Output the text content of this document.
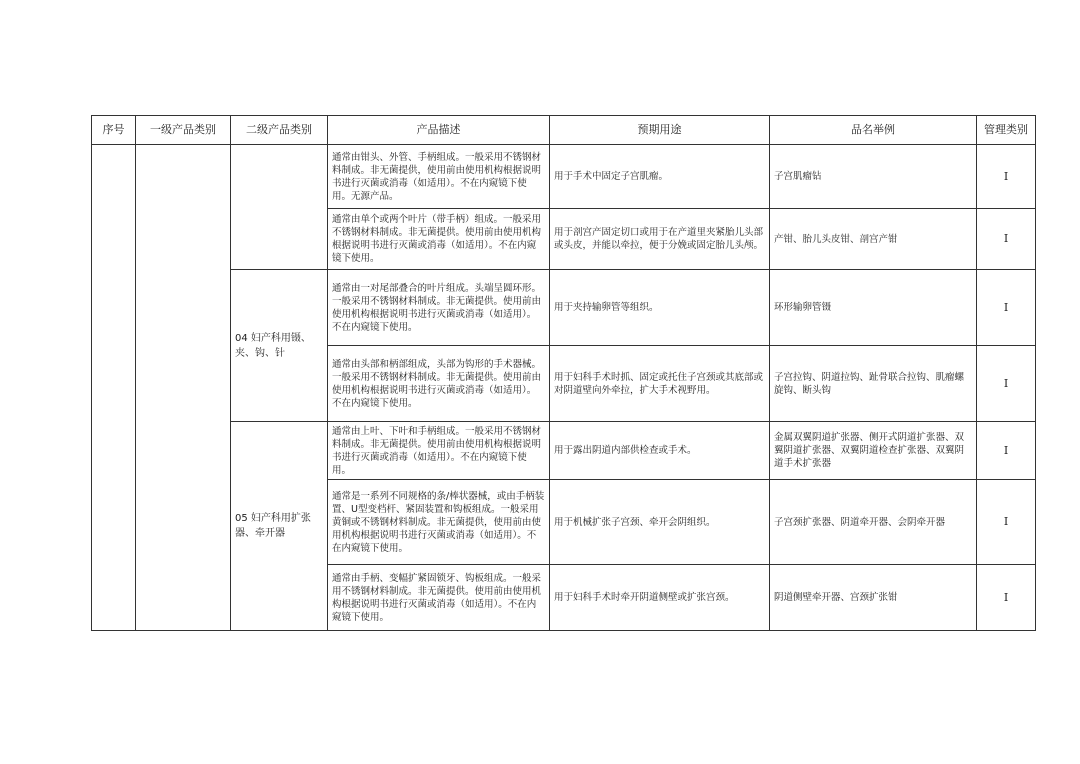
序号	一级产品类别	二级产品类别	产品描述	预期用途	品名举例	管理类别
			通常由钳头、外管、手柄组成。一般采用不锈钢材料制成。非无菌提供，使用前由使用机构根据说明书进行灭菌或消毒（如适用）。不在内窥镜下使用。无源产品。	用于手术中固定子宫肌瘤。	子宫肌瘤钻	I
			通常由单个或两个叶片（带手柄）组成。一般采用不锈钢材料制成。非无菌提供。使用前由使用机构根据说明书进行灭菌或消毒（如适用）。不在内窥镜下使用。	用于剖宫产固定切口或用于在产道里夹紧胎儿头部或头皮，并能以牵拉，便于分娩或固定胎儿头颅。	产钳、胎儿头皮钳、剖宫产钳	I
		04 妇产科用镊、夹、钩、针	通常由一对尾部叠合的叶片组成。头端呈圆环形。一般采用不锈钢材料制成。非无菌提供。使用前由使用机构根据说明书进行灭菌或消毒（如适用）。不在内窥镜下使用。	用于夹持输卵管等组织。	环形输卵管镊	I
			通常由头部和柄部组成，头部为钩形的手术器械。一般采用不锈钢材料制成。非无菌提供。使用前由使用机构根据说明书进行灭菌或消毒（如适用）。不在内窥镜下使用。	用于妇科手术时抓、固定或托住子宫颈或其底部或对阴道壁向外牵拉，扩大手术视野用。	子宫拉钩、阴道拉钩、趾骨联合拉钩、肌瘤螺旋钩、断头钩	I
		05 妇产科用扩张器、牵开器	通常由上叶、下叶和手柄组成。一般采用不锈钢材料制成。非无菌提供。使用前由使用机构根据说明书进行灭菌或消毒（如适用）。不在内窥镜下使用。	用于露出阴道内部供检查或手术。	金属双翼阴道扩张器、侧开式阴道扩张器、双翼阴道扩张器、双翼阴道检查扩张器、双翼阴道手术扩张器	I
			通常是一系列不同规格的条/棒状器械，或由手柄装置、U型变档杆、紧固装置和钩板组成。一般采用黄铜或不锈钢材料制成。非无菌提供，使用前由使用机构根据说明书进行灭菌或消毒（如适用）。不在内窥镜下使用。	用于机械扩张子宫颈、牵开会阴组织。	子宫颈扩张器、阴道牵开器、会阴牵开器	I
			通常由手柄、变幅扩紧固锁牙、钩板组成。一般采用不锈钢材料制成。非无菌提供。使用前由使用机构根据说明书进行灭菌或消毒（如适用）。不在内窥镜下使用。	用于妇科手术时牵开阴道侧壁或扩张宫颈。	阴道侧壁牵开器、宫颈扩张钳	I
